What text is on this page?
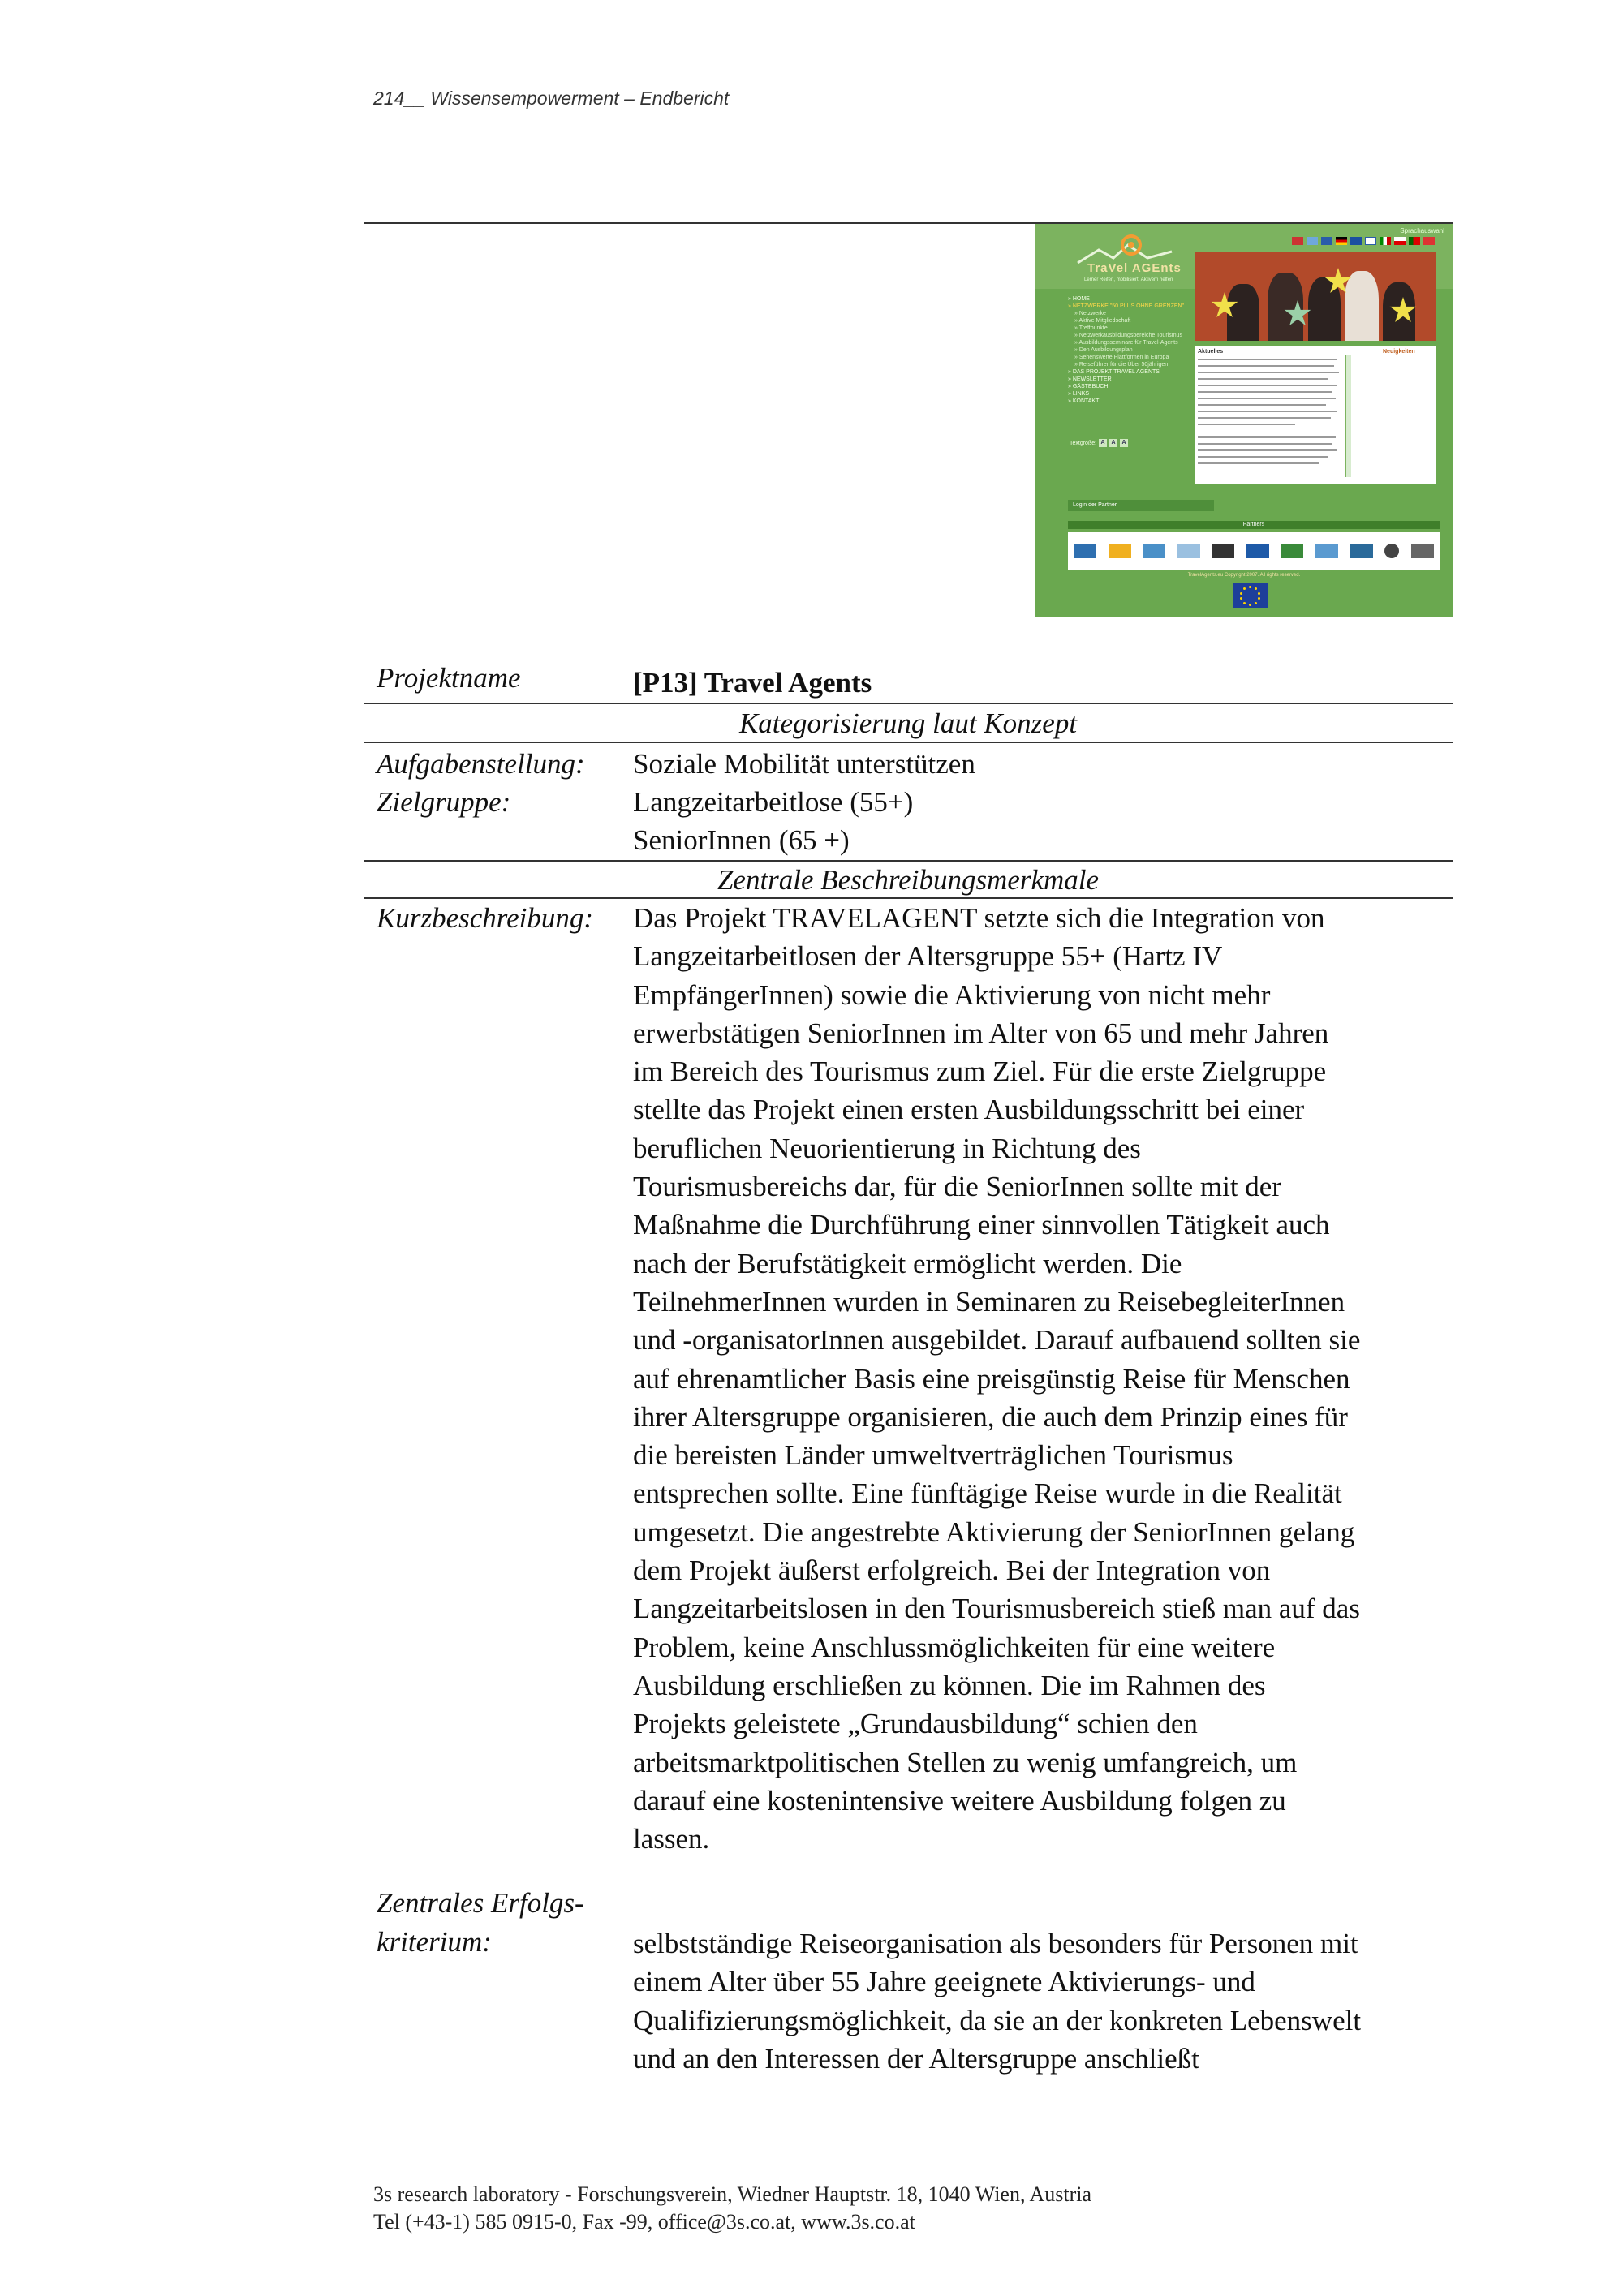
214__ Wissensempowerment – Endbericht
Sprachauswahl
TraVel AGEnts
Lerner Reifen, mobilisiert, Aktivern helfen
» HOME
» NETZWERKE "50 PLUS OHNE GRENZEN"
» Netzwerke
» Aktive Mitgliedschaft
» Treffpunkte
» Netzwerkausbildungsbereiche Tourismus
» Ausbildungsseminare für Travel-Agents
» Den Ausbildungsplan
» Sehenswerte Plattformen in Europa
» Reiseführer für die Über 50jährigen
» DAS PROJEKT TRAVEL AGENTS
» NEWSLETTER
» GÄSTEBUCH
» LINKS
» KONTAKT
Textgröße: A	A	A
Aktuelles	Neuigkeiten
Login der Partner
Partners
TravelAgents.eu Copyright 2007. All rights reserved.
Projektname	[P13] Travel Agents
Kategorisierung laut Konzept
Aufgabenstellung: Soziale Mobilität unterstützen
Zielgruppe:	Langzeitarbeitlose (55+)
SeniorInnen (65 +)
Zentrale Beschreibungsmerkmale
Kurzbeschreibung: Das Projekt TRAVELAGENT setzte sich die Integration von
Langzeitarbeitlosen der Altersgruppe 55+ (Hartz IV
EmpfängerInnen) sowie die Aktivierung von nicht mehr
erwerbstätigen SeniorInnen im Alter von 65 und mehr Jahren
im Bereich des Tourismus zum Ziel. Für die erste Zielgruppe
stellte das Projekt einen ersten Ausbildungsschritt bei einer
beruflichen Neuorientierung in Richtung des
Tourismusbereichs dar, für die SeniorInnen sollte mit der
Maßnahme die Durchführung einer sinnvollen Tätigkeit auch
nach der Berufstätigkeit ermöglicht werden. Die
TeilnehmerInnen wurden in Seminaren zu ReisebegleiterInnen
und -organisatorInnen ausgebildet. Darauf aufbauend sollten sie
auf ehrenamtlicher Basis eine preisgünstig Reise für Menschen
ihrer Altersgruppe organisieren, die auch dem Prinzip eines für
die bereisten Länder umweltverträglichen Tourismus
entsprechen sollte. Eine fünftägige Reise wurde in die Realität
umgesetzt. Die angestrebte Aktivierung der SeniorInnen gelang
dem Projekt äußerst erfolgreich. Bei der Integration von
Langzeitarbeitslosen in den Tourismusbereich stieß man auf das
Problem, keine Anschlussmöglichkeiten für eine weitere
Ausbildung erschließen zu können. Die im Rahmen des
Projekts geleistete „Grundausbildung“ schien den
arbeitsmarktpolitischen Stellen zu wenig umfangreich, um
darauf eine kostenintensive weitere Ausbildung folgen zu
lassen.
Zentrales Erfolgs-
kriterium:	selbstständige Reiseorganisation als besonders für Personen mit
einem Alter über 55 Jahre geeignete Aktivierungs- und
Qualifizierungsmöglichkeit, da sie an der konkreten Lebenswelt
und an den Interessen der Altersgruppe anschließt
3s research laboratory - Forschungsverein, Wiedner Hauptstr. 18, 1040 Wien, Austria
Tel (+43-1) 585 0915-0, Fax -99, office@3s.co.at, www.3s.co.at
